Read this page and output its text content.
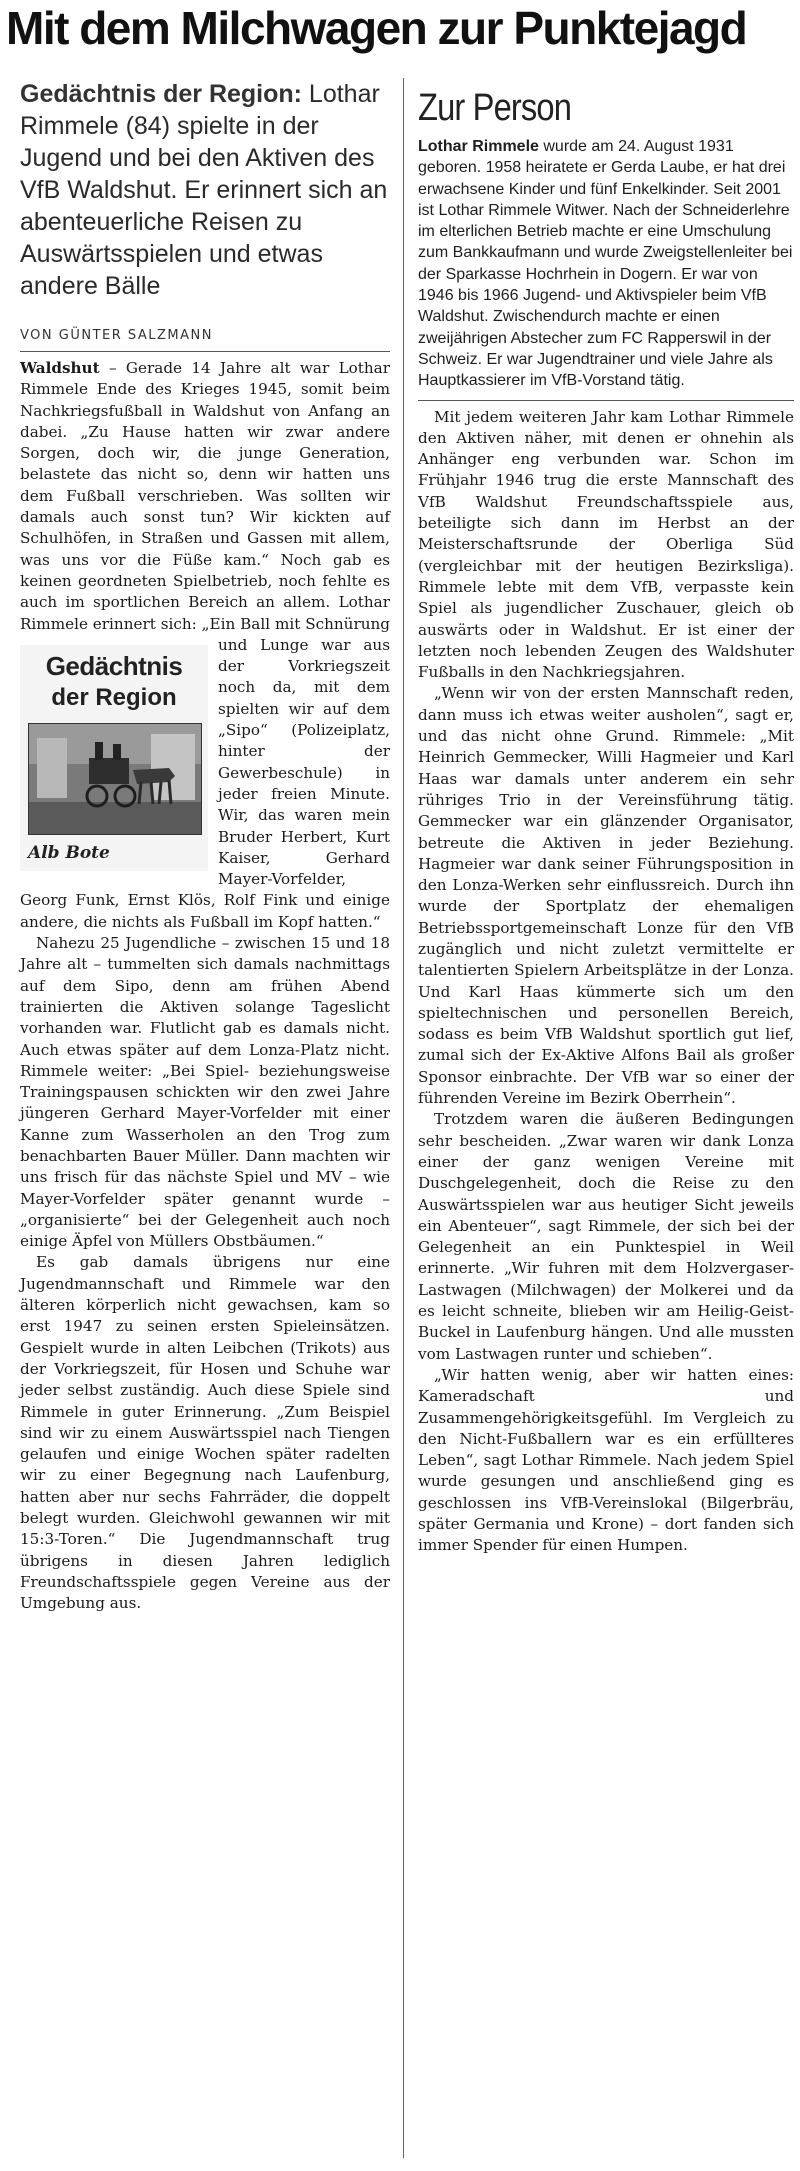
Mit dem Milchwagen zur Punktejagd
Gedächtnis der Region: Lothar Rimmele (84) spielte in der Jugend und bei den Aktiven des VfB Waldshut. Er erinnert sich an abenteuerliche Reisen zu Auswärtsspielen und etwas andere Bälle
VON GÜNTER SALZMANN

Waldshut – Gerade 14 Jahre alt war Lothar Rimmele Ende des Krieges 1945, somit beim Nachkriegsfußball in Waldshut von Anfang an dabei. „Zu Hause hatten wir zwar andere Sorgen, doch wir, die junge Generation, belastete das nicht so, denn wir hatten uns dem Fußball verschrieben. Was sollten wir damals auch sonst tun? Wir kickten auf Schulhöfen, in Straßen und Gassen mit allem, was uns vor die Füße kam.“ Noch gab es keinen geordneten Spielbetrieb, noch fehlte es auch im sportlichen Bereich an allem. Lothar Rimmele erinnert sich: „Ein Ball
Gedächtnis
der Region
Alb Bote
mit Schnürung und Lunge war aus der Vorkriegszeit noch da, mit dem spielten wir auf dem „Sipo“ (Polizeiplatz, hinter der Gewerbeschule) in jeder freien Minute. Wir, das waren mein Bruder Herbert, Kurt Kaiser, Gerhard Mayer-Vorfelder, Georg Funk, Ernst Klös, Rolf Fink und einige andere, die nichts als Fußball im Kopf hatten.“

Nahezu 25 Jugendliche – zwischen 15 und 18 Jahre alt – tummelten sich damals nachmittags auf dem Sipo, denn am frühen Abend trainierten die Aktiven solange Tageslicht vorhanden war. Flutlicht gab es damals nicht. Auch etwas später auf dem Lonza-Platz nicht. Rimmele weiter: „Bei Spiel- beziehungsweise Trainingspausen schickten wir den zwei Jahre jüngeren Gerhard Mayer-Vorfelder mit einer Kanne zum Wasserholen an den Trog zum benachbarten Bauer Müller. Dann machten wir uns frisch für das nächste Spiel und MV – wie Mayer-Vorfelder später genannt wurde – „organisierte“ bei der Gelegenheit auch noch einige Äpfel von Müllers Obstbäumen.“

Es gab damals übrigens nur eine Jugendmannschaft und Rimmele war den älteren körperlich nicht gewachsen, kam so erst 1947 zu seinen ersten Spieleinsätzen. Gespielt wurde in alten Leibchen (Trikots) aus der Vorkriegszeit, für Hosen und Schuhe war jeder selbst zuständig. Auch diese Spiele sind Rimmele in guter Erinnerung. „Zum Beispiel sind wir zu einem Auswärtsspiel nach Tiengen gelaufen und einige Wochen später radelten wir zu einer Begegnung nach Laufenburg, hatten aber nur sechs Fahrräder, die doppelt belegt wurden. Gleichwohl gewannen wir mit 15:3-Toren.“ Die Jugendmannschaft trug übrigens in diesen Jahren lediglich Freundschaftsspiele gegen Vereine aus der Umgebung aus.

Zur Person
Lothar Rimmele wurde am 24. August 1931 geboren. 1958 heiratete er Gerda Laube, er hat drei erwachsene Kinder und fünf Enkelkinder. Seit 2001 ist Lothar Rimmele Witwer. Nach der Schneiderlehre im elterlichen Betrieb machte er eine Umschulung zum Bankkaufmann und wurde Zweigstellenleiter bei der Sparkasse Hochrhein in Dogern. Er war von 1946 bis 1966 Jugend- und Aktivspieler beim VfB Waldshut. Zwischendurch machte er einen zweijährigen Abstecher zum FC Rapperswil in der Schweiz. Er war Jugendtrainer und viele Jahre als Hauptkassierer im VfB-Vorstand tätig.

Mit jedem weiteren Jahr kam Lothar Rimmele den Aktiven näher, mit denen er ohnehin als Anhänger eng verbunden war. Schon im Frühjahr 1946 trug die erste Mannschaft des VfB Waldshut Freundschaftsspiele aus, beteiligte sich dann im Herbst an der Meisterschaftsrunde der Oberliga Süd (vergleichbar mit der heutigen Bezirksliga). Rimmele lebte mit dem VfB, verpasste kein Spiel als jugendlicher Zuschauer, gleich ob auswärts oder in Waldshut. Er ist einer der letzten noch lebenden Zeugen des Waldshuter Fußballs in den Nachkriegsjahren.

„Wenn wir von der ersten Mannschaft reden, dann muss ich etwas weiter ausholen“, sagt er, und das nicht ohne Grund. Rimmele: „Mit Heinrich Gemmecker, Willi Hagmeier und Karl Haas war damals unter anderem ein sehr rühriges Trio in der Vereinsführung tätig. Gemmecker war ein glänzender Organisator, betreute die Aktiven in jeder Beziehung. Hagmeier war dank seiner Führungsposition in den Lonza-Werken sehr einflussreich. Durch ihn wurde der Sportplatz der ehemaligen Betriebssportgemeinschaft Lonze für den VfB zugänglich und nicht zuletzt vermittelte er talentierten Spielern Arbeitsplätze in der Lonza. Und Karl Haas kümmerte sich um den spieltechnischen und personellen Bereich, sodass es beim VfB Waldshut sportlich gut lief, zumal sich der Ex-Aktive Alfons Bail als großer Sponsor einbrachte. Der VfB war so einer der führenden Vereine im Bezirk Oberrhein“.

Trotzdem waren die äußeren Bedingungen sehr bescheiden. „Zwar waren wir dank Lonza einer der ganz wenigen Vereine mit Duschgelegenheit, doch die Reise zu den Auswärtsspielen war aus heutiger Sicht jeweils ein Abenteuer“, sagt Rimmele, der sich bei der Gelegenheit an ein Punktespiel in Weil erinnerte. „Wir fuhren mit dem Holzvergaser-Lastwagen (Milchwagen) der Molkerei und da es leicht schneite, blieben wir am Heilig-Geist-Buckel in Laufenburg hängen. Und alle mussten vom Lastwagen runter und schieben“.

„Wir hatten wenig, aber wir hatten eines: Kameradschaft und Zusammengehörigkeitsgefühl. Im Vergleich zu den Nicht-Fußballern war es ein erfüllteres Leben“, sagt Lothar Rimmele. Nach jedem Spiel wurde gesungen und anschließend ging es geschlossen ins VfB-Vereinslokal (Bilgerbräu, später Germania und Krone) – dort fanden sich immer Spender für einen Humpen.
